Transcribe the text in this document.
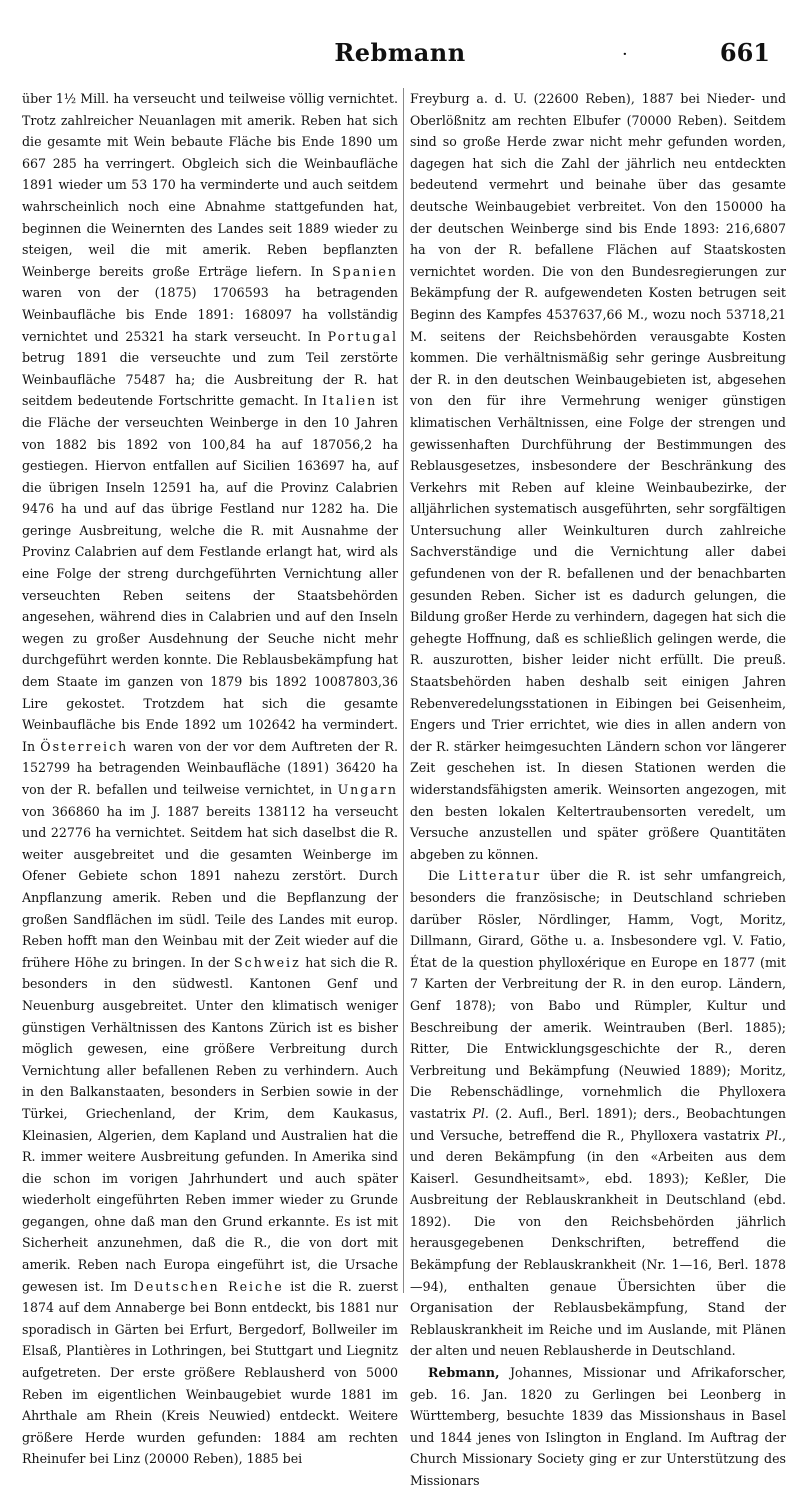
Rebmann	·	661

über 1½ Mill. ha verseucht und teilweise völlig vernichtet. Trotz zahlreicher Neuanlagen mit amerik. Reben hat sich die gesamte mit Wein bebaute Fläche bis Ende 1890 um 667 285 ha verringert. Obgleich sich die Weinbaufläche 1891 wieder um 53 170 ha verminderte und auch seitdem wahrscheinlich noch eine Abnahme stattgefunden hat, beginnen die Weinernten des Landes seit 1889 wieder zu steigen, weil die mit amerik. Reben bepflanzten Weinberge bereits große Erträge liefern. In Spanien waren von der (1875) 1706593 ha betragenden Weinbaufläche bis Ende 1891: 168097 ha vollständig vernichtet und 25321 ha stark verseucht. In Portugal betrug 1891 die verseuchte und zum Teil zerstörte Weinbaufläche 75487 ha; die Ausbreitung der R. hat seitdem bedeutende Fortschritte gemacht. In Italien ist die Fläche der verseuchten Weinberge in den 10 Jahren von 1882 bis 1892 von 100,84 ha auf 187056,2 ha gestiegen. Hiervon entfallen auf Sicilien 163697 ha, auf die übrigen Inseln 12591 ha, auf die Provinz Calabrien 9476 ha und auf das übrige Festland nur 1282 ha. Die geringe Ausbreitung, welche die R. mit Ausnahme der Provinz Calabrien auf dem Festlande erlangt hat, wird als eine Folge der streng durchgeführten Vernichtung aller verseuchten Reben seitens der Staatsbehörden angesehen, während dies in Calabrien und auf den Inseln wegen zu großer Ausdehnung der Seuche nicht mehr durchgeführt werden konnte. Die Reblausbekämpfung hat dem Staate im ganzen von 1879 bis 1892 10087803,36 Lire gekostet. Trotzdem hat sich die gesamte Weinbaufläche bis Ende 1892 um 102642 ha vermindert. In Österreich waren von der vor dem Auftreten der R. 152799 ha betragenden Weinbaufläche (1891) 36420 ha von der R. befallen und teilweise vernichtet, in Ungarn von 366860 ha im J. 1887 bereits 138112 ha verseucht und 22776 ha vernichtet. Seitdem hat sich daselbst die R. weiter ausgebreitet und die gesamten Weinberge im Ofener Gebiete schon 1891 nahezu zerstört. Durch Anpflanzung amerik. Reben und die Bepflanzung der großen Sandflächen im südl. Teile des Landes mit europ. Reben hofft man den Weinbau mit der Zeit wieder auf die frühere Höhe zu bringen. In der Schweiz hat sich die R. besonders in den südwestl. Kantonen Genf und Neuenburg ausgebreitet. Unter den klimatisch weniger günstigen Verhältnissen des Kantons Zürich ist es bisher möglich gewesen, eine größere Verbreitung durch Vernichtung aller befallenen Reben zu verhindern. Auch in den Balkanstaaten, besonders in Serbien sowie in der Türkei, Griechenland, der Krim, dem Kaukasus, Kleinasien, Algerien, dem Kapland und Australien hat die R. immer weitere Ausbreitung gefunden. In Amerika sind die schon im vorigen Jahrhundert und auch später wiederholt eingeführten Reben immer wieder zu Grunde gegangen, ohne daß man den Grund erkannte. Es ist mit Sicherheit anzunehmen, daß die R., die von dort mit amerik. Reben nach Europa eingeführt ist, die Ursache gewesen ist. Im Deutschen Reiche ist die R. zuerst 1874 auf dem Annaberge bei Bonn entdeckt, bis 1881 nur sporadisch in Gärten bei Erfurt, Bergedorf, Bollweiler im Elsaß, Plantières in Lothringen, bei Stuttgart und Liegnitz aufgetreten. Der erste größere Reblausherd von 5000 Reben im eigentlichen Weinbaugebiet wurde 1881 im Ahrthale am Rhein (Kreis Neuwied) entdeckt. Weitere größere Herde wurden gefunden: 1884 am rechten Rheinufer bei Linz (20000 Reben), 1885 bei

Freyburg a. d. U. (22600 Reben), 1887 bei Nieder- und Oberlößnitz am rechten Elbufer (70000 Reben). Seitdem sind so große Herde zwar nicht mehr gefunden worden, dagegen hat sich die Zahl der jährlich neu entdeckten bedeutend vermehrt und beinahe über das gesamte deutsche Weinbaugebiet verbreitet. Von den 150000 ha der deutschen Weinberge sind bis Ende 1893: 216,6807 ha von der R. befallene Flächen auf Staatskosten vernichtet worden. Die von den Bundesregierungen zur Bekämpfung der R. aufgewendeten Kosten betrugen seit Beginn des Kampfes 4537637,66 M., wozu noch 53718,21 M. seitens der Reichsbehörden verausgabte Kosten kommen. Die verhältnismäßig sehr geringe Ausbreitung der R. in den deutschen Weinbaugebieten ist, abgesehen von den für ihre Vermehrung weniger günstigen klimatischen Verhältnissen, eine Folge der strengen und gewissenhaften Durchführung der Bestimmungen des Reblausgesetzes, insbesondere der Beschränkung des Verkehrs mit Reben auf kleine Weinbaubezirke, der alljährlichen systematisch ausgeführten, sehr sorgfältigen Untersuchung aller Weinkulturen durch zahlreiche Sachverständige und die Vernichtung aller dabei gefundenen von der R. befallenen und der benachbarten gesunden Reben. Sicher ist es dadurch gelungen, die Bildung großer Herde zu verhindern, dagegen hat sich die gehegte Hoffnung, daß es schließlich gelingen werde, die R. auszurotten, bisher leider nicht erfüllt. Die preuß. Staatsbehörden haben deshalb seit einigen Jahren Rebenveredelungsstationen in Eibingen bei Geisenheim, Engers und Trier errichtet, wie dies in allen andern von der R. stärker heimgesuchten Ländern schon vor längerer Zeit geschehen ist. In diesen Stationen werden die widerstandsfähigsten amerik. Weinsorten angezogen, mit den besten lokalen Keltertraubensorten veredelt, um Versuche anzustellen und später größere Quantitäten abgeben zu können.

Die Litteratur über die R. ist sehr umfangreich, besonders die französische; in Deutschland schrieben darüber Rösler, Nördlinger, Hamm, Vogt, Moritz, Dillmann, Girard, Göthe u. a. Insbesondere vgl. V. Fatio, État de la question phylloxérique en Europe en 1877 (mit 7 Karten der Verbreitung der R. in den europ. Ländern, Genf 1878); von Babo und Rümpler, Kultur und Beschreibung der amerik. Weintrauben (Berl. 1885); Ritter, Die Entwicklungsgeschichte der R., deren Verbreitung und Bekämpfung (Neuwied 1889); Moritz, Die Rebenschädlinge, vornehmlich die Phylloxera vastatrix Pl. (2. Aufl., Berl. 1891); ders., Beobachtungen und Versuche, betreffend die R., Phylloxera vastatrix Pl., und deren Bekämpfung (in den «Arbeiten aus dem Kaiserl. Gesundheitsamt», ebd. 1893); Keßler, Die Ausbreitung der Reblauskrankheit in Deutschland (ebd. 1892). Die von den Reichsbehörden jährlich herausgegebenen Denkschriften, betreffend die Bekämpfung der Reblauskrankheit (Nr. 1—16, Berl. 1878—94), enthalten genaue Übersichten über die Organisation der Reblausbekämpfung, Stand der Reblauskrankheit im Reiche und im Auslande, mit Plänen der alten und neuen Reblausherde in Deutschland.

Rebmann, Johannes, Missionar und Afrikaforscher, geb. 16. Jan. 1820 zu Gerlingen bei Leonberg in Württemberg, besuchte 1839 das Missionshaus in Basel und 1844 jenes von Islington in England. Im Auftrag der Church Missionary Society ging er zur Unterstützung des Missionars
